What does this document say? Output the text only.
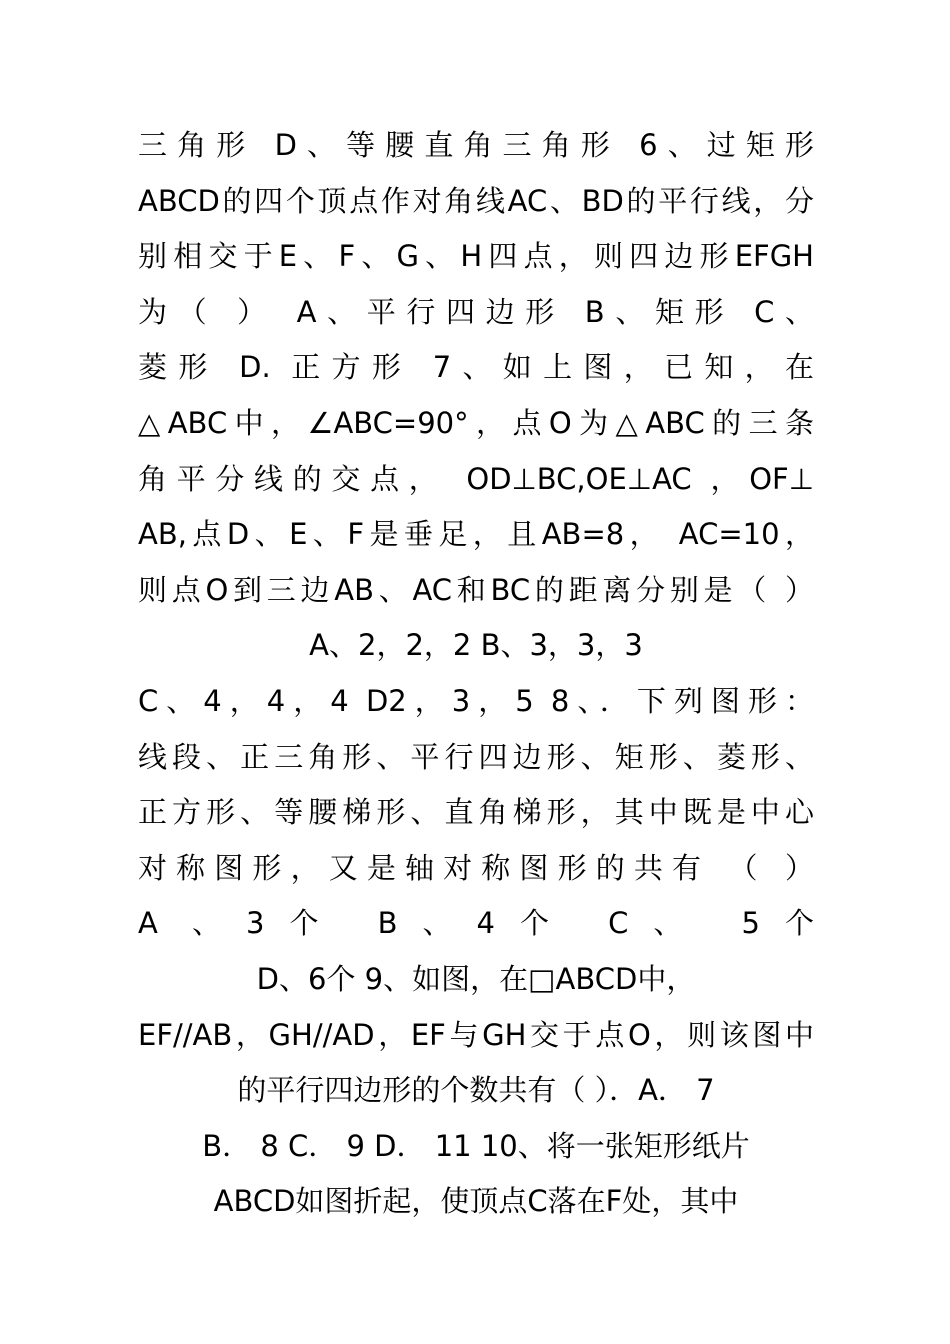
三角形 D、等腰直角三角形 6、过矩形
ABCD的四个顶点作对角线AC、BD的平行线，分
别相交于E、F、G、H四点，则四边形EFGH
为（ ） A、平行四边形 B、矩形 C、
菱形 D. 正方形 7、如上图，已知，在
△ABC中，∠ABC=90°，点O为△ABC的三条
角平分线的交点， OD⊥BC,OE⊥AC ，OF⊥
AB,点D、E、F是垂足，且AB=8， AC=10，
则点O到三边AB、AC和BC的距离分别是（ ）
A、2，2，2 B、3，3，3
C、4，4，4 D2，3，5 8、．下列图形：
线段、正三角形、平行四边形、矩形、菱形、
正方形、等腰梯形、直角梯形，其中既是中心
对称图形，又是轴对称图形的共有 （ ）
A 、3个 B、4个 C、 5个
D、6个 9、如图，在□ABCD中，
EF//AB，GH//AD，EF与GH交于点O，则该图中
的平行四边形的个数共有（ ）．A． 7
B． 8 C． 9 D． 11 10、将一张矩形纸片
ABCD如图折起，使顶点C落在F处，其中
